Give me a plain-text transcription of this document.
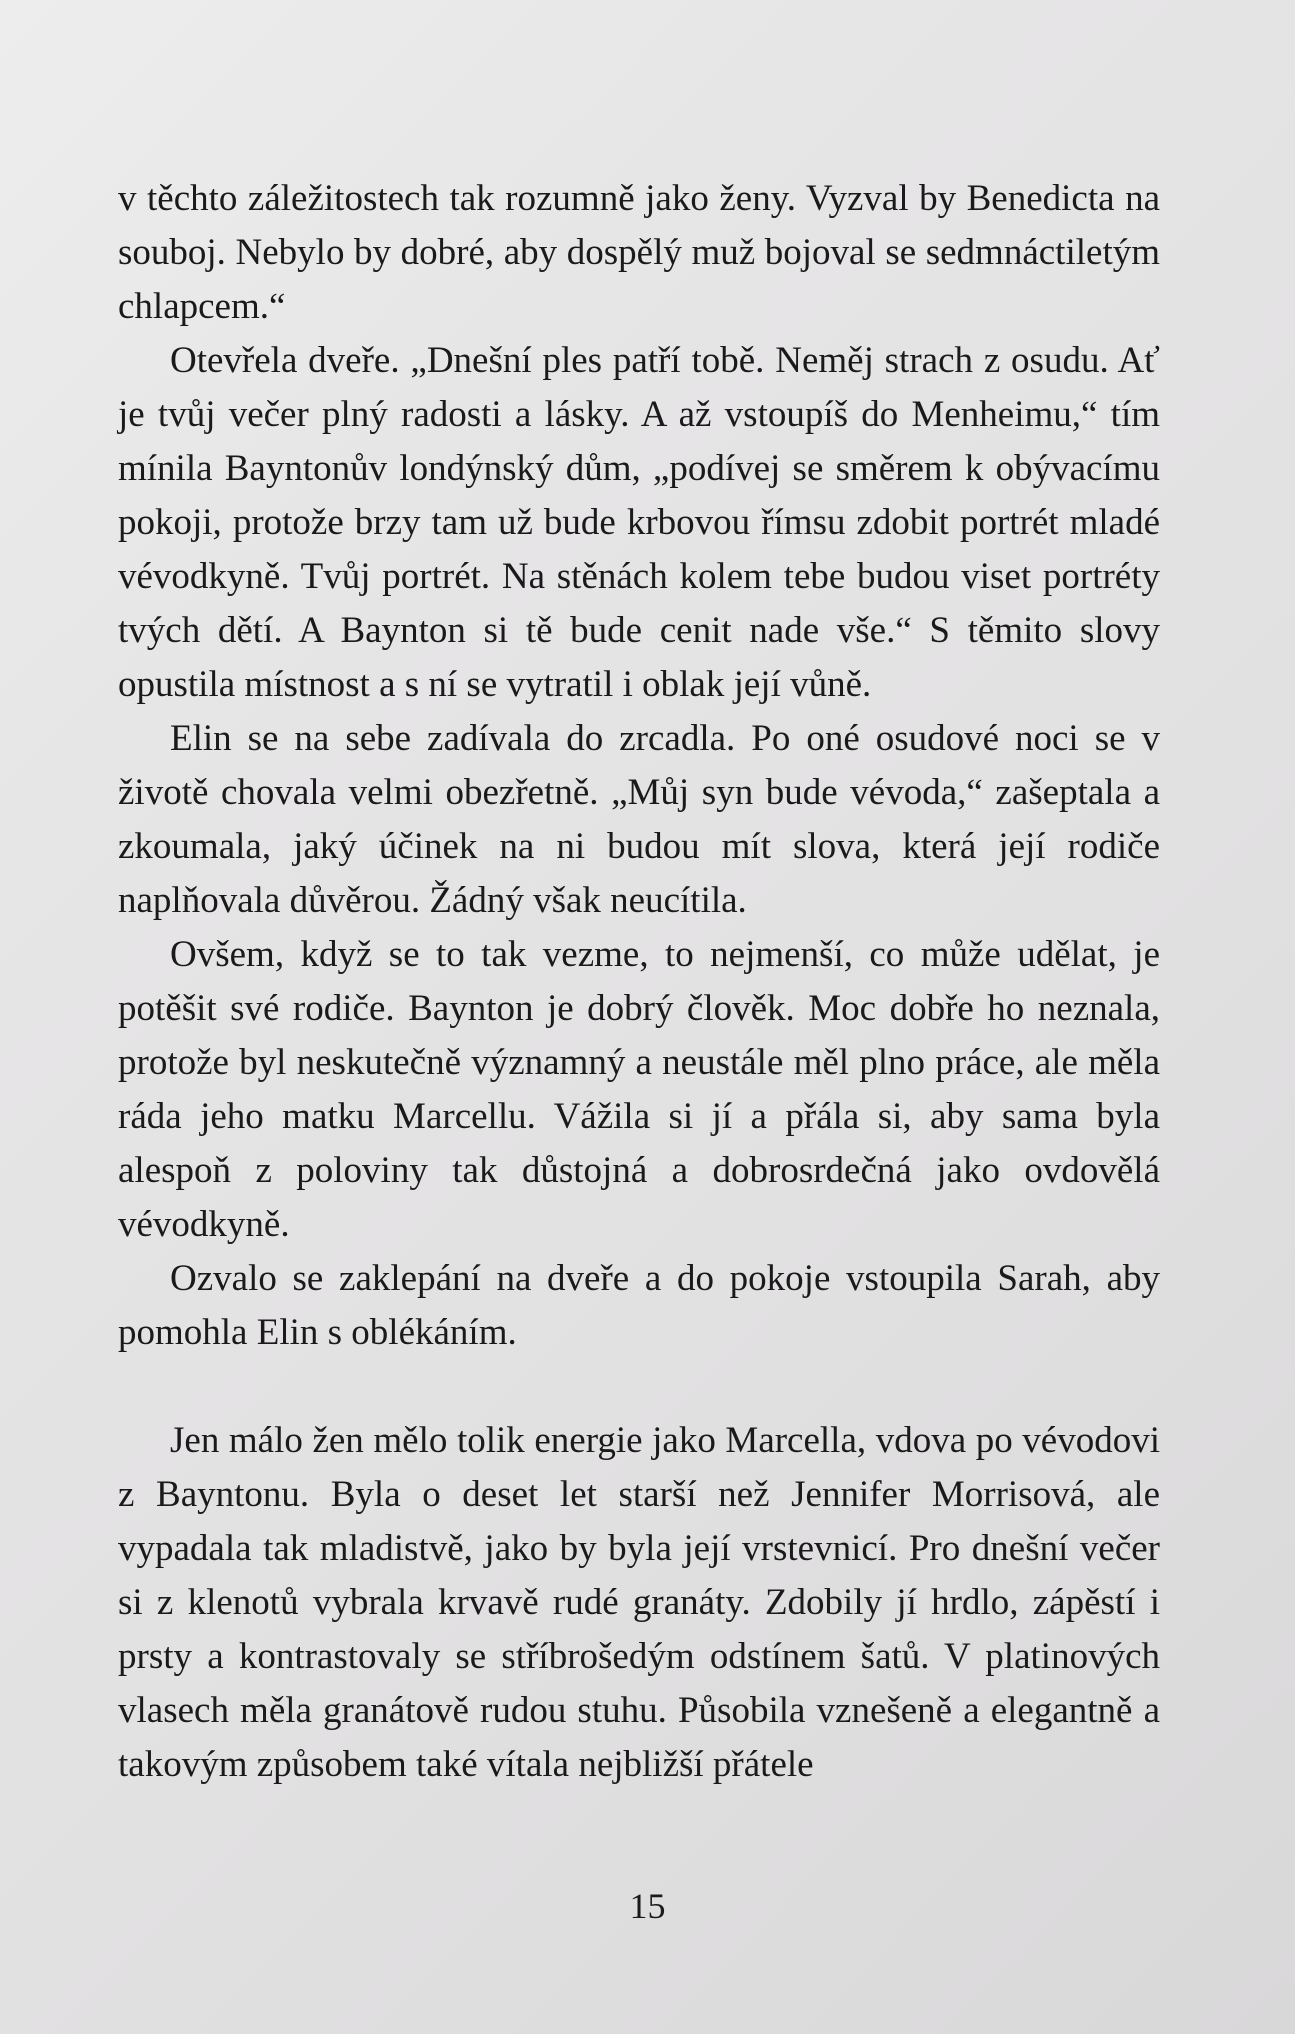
v těchto záležitostech tak rozumně jako ženy. Vyzval by Benedicta na souboj. Nebylo by dobré, aby dospělý muž bojoval se sedmnáctiletým chlapcem.“

Otevřela dveře. „Dnešní ples patří tobě. Neměj strach z osudu. Ať je tvůj večer plný radosti a lásky. A až vstoupíš do Menheimu,“ tím mínila Bayntonův londýnský dům, „podívej se směrem k obývacímu pokoji, protože brzy tam už bude krbovou římsu zdobit portrét mladé vévodkyně. Tvůj portrét. Na stěnách kolem tebe budou viset portréty tvých dětí. A Baynton si tě bude cenit nade vše.“ S těmito slovy opustila místnost a s ní se vytratil i oblak její vůně.

Elin se na sebe zadívala do zrcadla. Po oné osudové noci se v životě chovala velmi obezřetně. „Můj syn bude vévoda,“ zašeptala a zkoumala, jaký účinek na ni budou mít slova, která její rodiče naplňovala důvěrou. Žádný však neucítila.

Ovšem, když se to tak vezme, to nejmenší, co může udělat, je potěšit své rodiče. Baynton je dobrý člověk. Moc dobře ho neznala, protože byl neskutečně významný a neustále měl plno práce, ale měla ráda jeho matku Marcellu. Vážila si jí a přála si, aby sama byla alespoň z poloviny tak důstojná a dobrosrdečná jako ovdovělá vévodkyně.

Ozvalo se zaklepání na dveře a do pokoje vstoupila Sarah, aby pomohla Elin s oblékáním.

Jen málo žen mělo tolik energie jako Marcella, vdova po vévodovi z Bayntonu. Byla o deset let starší než Jennifer Morrisová, ale vypadala tak mladistvě, jako by byla její vrstevnicí. Pro dnešní večer si z klenotů vybrala krvavě rudé granáty. Zdobily jí hrdlo, zápěstí i prsty a kontrastovaly se stříbrošedým odstínem šatů. V platinových vlasech měla granátově rudou stuhu. Působila vznešeně a elegantně a takovým způsobem také vítala nejbližší přátele

15
